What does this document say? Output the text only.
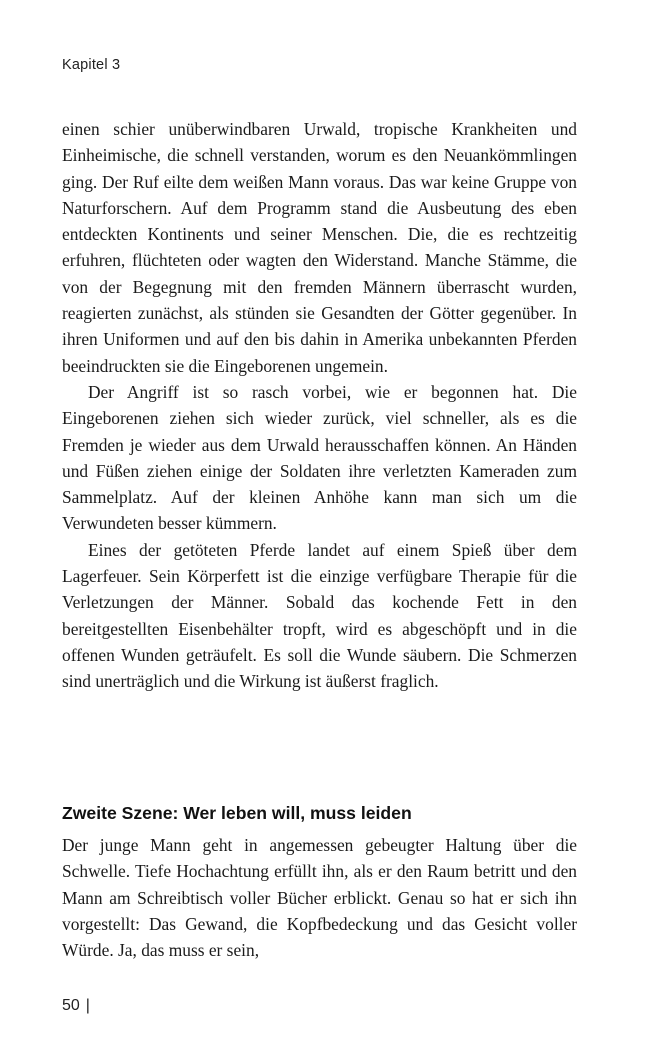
Kapitel 3

einen schier unüberwindbaren Urwald, tropische Krankheiten und Einheimische, die schnell verstanden, worum es den Neuankömmlingen ging. Der Ruf eilte dem weißen Mann voraus. Das war keine Gruppe von Naturforschern. Auf dem Programm stand die Ausbeutung des eben entdeckten Kontinents und seiner Menschen. Die, die es rechtzeitig erfuhren, flüchteten oder wagten den Widerstand. Manche Stämme, die von der Begegnung mit den fremden Männern überrascht wurden, reagierten zunächst, als stünden sie Gesandten der Götter gegenüber. In ihren Uniformen und auf den bis dahin in Amerika unbekannten Pferden beeindruckten sie die Eingeborenen ungemein.

Der Angriff ist so rasch vorbei, wie er begonnen hat. Die Eingeborenen ziehen sich wieder zurück, viel schneller, als es die Fremden je wieder aus dem Urwald herausschaffen können. An Händen und Füßen ziehen einige der Soldaten ihre verletzten Kameraden zum Sammelplatz. Auf der kleinen Anhöhe kann man sich um die Verwundeten besser kümmern.

Eines der getöteten Pferde landet auf einem Spieß über dem Lagerfeuer. Sein Körperfett ist die einzige verfügbare Therapie für die Verletzungen der Männer. Sobald das kochende Fett in den bereitgestellten Eisenbehälter tropft, wird es abgeschöpft und in die offenen Wunden geträufelt. Es soll die Wunde säubern. Die Schmerzen sind unerträglich und die Wirkung ist äußerst fraglich.

Zweite Szene: Wer leben will, muss leiden

Der junge Mann geht in angemessen gebeugter Haltung über die Schwelle. Tiefe Hochachtung erfüllt ihn, als er den Raum betritt und den Mann am Schreibtisch voller Bücher erblickt. Genau so hat er sich ihn vorgestellt: Das Gewand, die Kopfbedeckung und das Gesicht voller Würde. Ja, das muss er sein,

50 |
